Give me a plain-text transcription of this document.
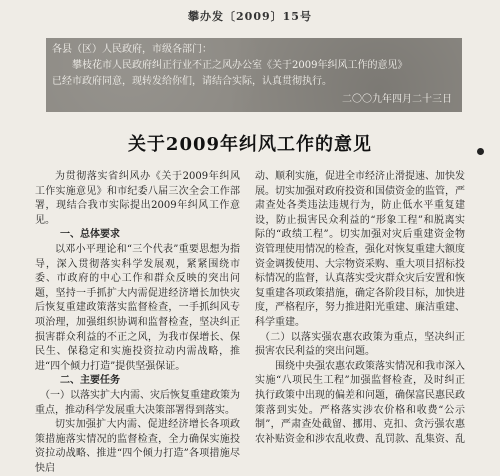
攀办发〔2009〕15号

各县（区）人民政府，市级各部门：

攀枝花市人民政府纠正行业不正之风办公室《关于2009年纠风工作的意见》

已经市政府同意，现转发给你们，请结合实际，认真贯彻执行。

二〇〇九年四月二十三日

关于2009年纠风工作的意见

为贯彻落实省纠风办《关于2009年纠风工作实施意见》和市纪委八届三次全会工作部署，现结合我市实际提出2009年纠风工作意见。

一、总体要求

以邓小平理论和“三个代表”重要思想为指导，深入贯彻落实科学发展观，紧紧围绕市委、市政府的中心工作和群众反映的突出问题，坚持一手抓扩大内需促进经济增长加快灾后恢复重建政策落实监督检查，一手抓纠风专项治理，加强组织协调和监督检查，坚决纠正损害群众利益的不正之风，为我市保增长、保民生、保稳定和实施投资拉动内需战略，推进“四个倾力打造”提供坚强保证。

二、主要任务

（一）以落实扩大内需、灾后恢复重建政策为重点，推动科学发展重大决策部署得到落实。

切实加强扩大内需、促进经济增长各项政策措施落实情况的监督检查，全力确保实施投资拉动战略、推进“四个倾力打造”各项措施尽快启

动、顺利实施，促进全市经济止滑提速、加快发展。切实加强对政府投资和国债资金的监管，严肃查处各类违法违规行为，防止低水平重复建设，防止损害民众利益的“形象工程”和脱离实际的“政绩工程”。切实加强对灾后重建资金物资管理使用情况的检查，强化对恢复重建大额度资金调拨使用、大宗物资采购、重大项目招标投标情况的监督，认真落实受灾群众灾后安置和恢复重建各项政策措施，确定各阶段目标，加快进度，严格程序，努力推进阳光重建、廉洁重建、科学重建。

（二）以落实强农惠农政策为重点，坚决纠正损害农民利益的突出问题。

围绕中央强农惠农政策落实情况和我市深入实施“八项民生工程”加强监督检查，及时纠正执行政策中出现的偏差和问题，确保富民惠民政策落到实处。严格落实涉农价格和收费“公示制”，严肃查处截留、挪用、克扣、贪污强农惠农补贴资金和涉农乱收费、乱罚款、乱集资、乱
